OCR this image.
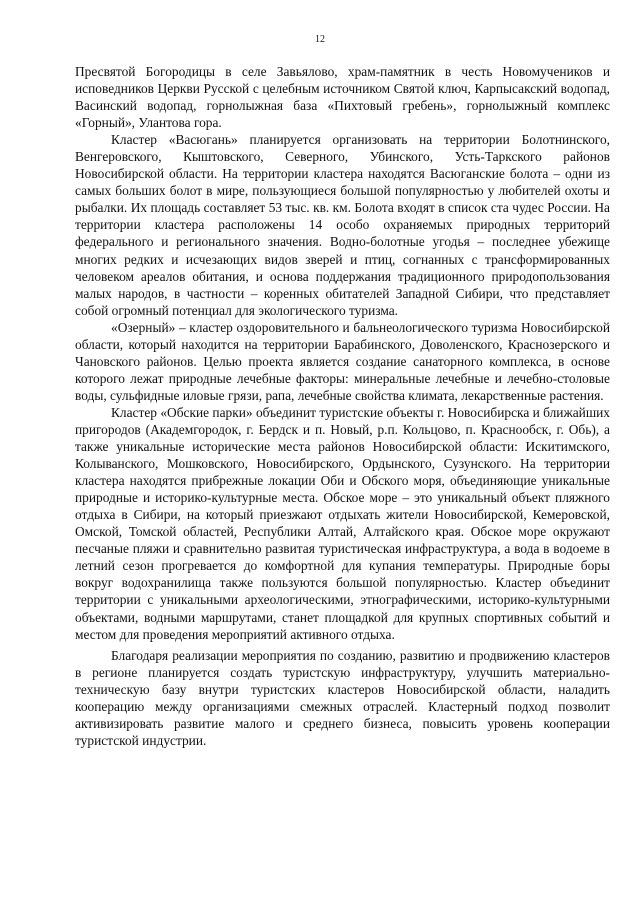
12

Пресвятой Богородицы в селе Завьялово, храм-памятник в честь Новомучеников и исповедников Церкви Русской с целебным источником Святой ключ, Карпысакский водопад, Васинский водопад, горнолыжная база «Пихтовый гребень», горнолыжный комплекс «Горный», Улантова гора.

Кластер «Васюгань» планируется организовать на территории Болотнинского, Венгеровского, Кыштовского, Северного, Убинского, Усть-Таркского районов Новосибирской области. На территории кластера находятся Васюганские болота – одни из самых больших болот в мире, пользующиеся большой популярностью у любителей охоты и рыбалки. Их площадь составляет 53 тыс. кв. км. Болота входят в список ста чудес России. На территории кластера расположены 14 особо охраняемых природных территорий федерального и регионального значения. Водно-болотные угодья – последнее убежище многих редких и исчезающих видов зверей и птиц, согнанных с трансформированных человеком ареалов обитания, и основа поддержания традиционного природопользования малых народов, в частности – коренных обитателей Западной Сибири, что представляет собой огромный потенциал для экологического туризма.

«Озерный» – кластер оздоровительного и бальнеологического туризма Новосибирской области, который находится на территории Барабинского, Доволенского, Краснозерского и Чановского районов. Целью проекта является создание санаторного комплекса, в основе которого лежат природные лечебные факторы: минеральные лечебные и лечебно-столовые воды, сульфидные иловые грязи, рапа, лечебные свойства климата, лекарственные растения.

Кластер «Обские парки» объединит туристские объекты г. Новосибирска и ближайших пригородов (Академгородок, г. Бердск и п. Новый, р.п. Кольцово, п. Краснообск, г. Обь), а также уникальные исторические места районов Новосибирской области: Искитимского, Колыванского, Мошковского, Новосибирского, Ордынского, Сузунского. На территории кластера находятся прибрежные локации Оби и Обского моря, объединяющие уникальные природные и историко-культурные места. Обское море – это уникальный объект пляжного отдыха в Сибири, на который приезжают отдыхать жители Новосибирской, Кемеровской, Омской, Томской областей, Республики Алтай, Алтайского края. Обское море окружают песчаные пляжи и сравнительно развитая туристическая инфраструктура, а вода в водоеме в летний сезон прогревается до комфортной для купания температуры. Природные боры вокруг водохранилища также пользуются большой популярностью. Кластер объединит территории с уникальными археологическими, этнографическими, историко-культурными объектами, водными маршрутами, станет площадкой для крупных спортивных событий и местом для проведения мероприятий активного отдыха.

Благодаря реализации мероприятия по созданию, развитию и продвижению кластеров в регионе планируется создать туристскую инфраструктуру, улучшить материально-техническую базу внутри туристских кластеров Новосибирской области, наладить кооперацию между организациями смежных отраслей. Кластерный подход позволит активизировать развитие малого и среднего бизнеса, повысить уровень кооперации туристской индустрии.
